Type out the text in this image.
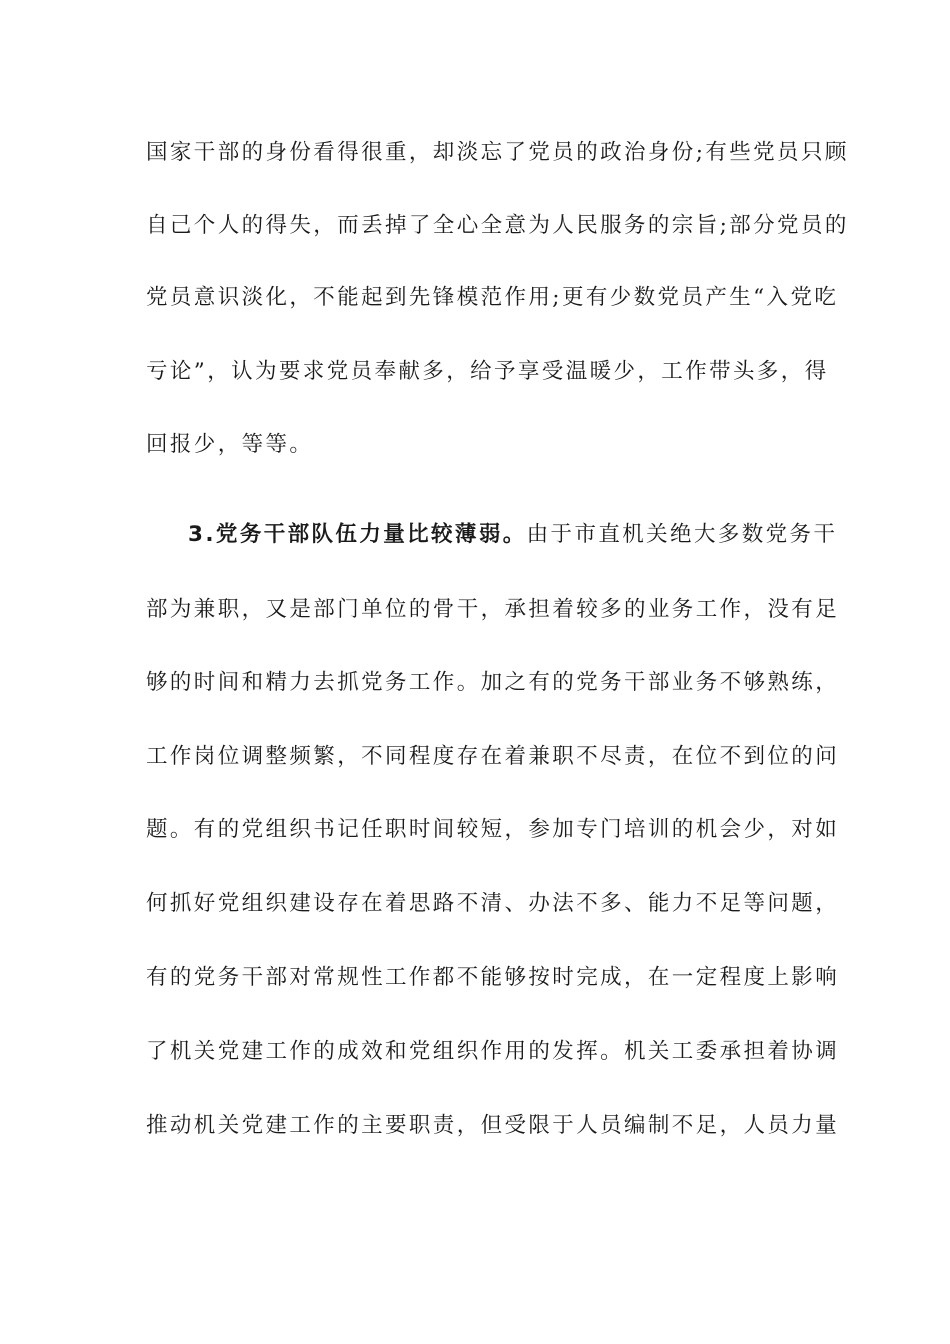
国家干部的身份看得很重，却淡忘了党员的政治身份;有些党员只顾
自己个人的得失，而丢掉了全心全意为人民服务的宗旨;部分党员的
党员意识淡化，不能起到先锋模范作用;更有少数党员产生“入党吃
亏论”，认为要求党员奉献多，给予享受温暖少，工作带头多，得
回报少，等等。
3.党务干部队伍力量比较薄弱。由于市直机关绝大多数党务干
部为兼职，又是部门单位的骨干，承担着较多的业务工作，没有足
够的时间和精力去抓党务工作。加之有的党务干部业务不够熟练，
工作岗位调整频繁，不同程度存在着兼职不尽责，在位不到位的问
题。有的党组织书记任职时间较短，参加专门培训的机会少，对如
何抓好党组织建设存在着思路不清、办法不多、能力不足等问题，
有的党务干部对常规性工作都不能够按时完成，在一定程度上影响
了机关党建工作的成效和党组织作用的发挥。机关工委承担着协调
推动机关党建工作的主要职责，但受限于人员编制不足，人员力量
